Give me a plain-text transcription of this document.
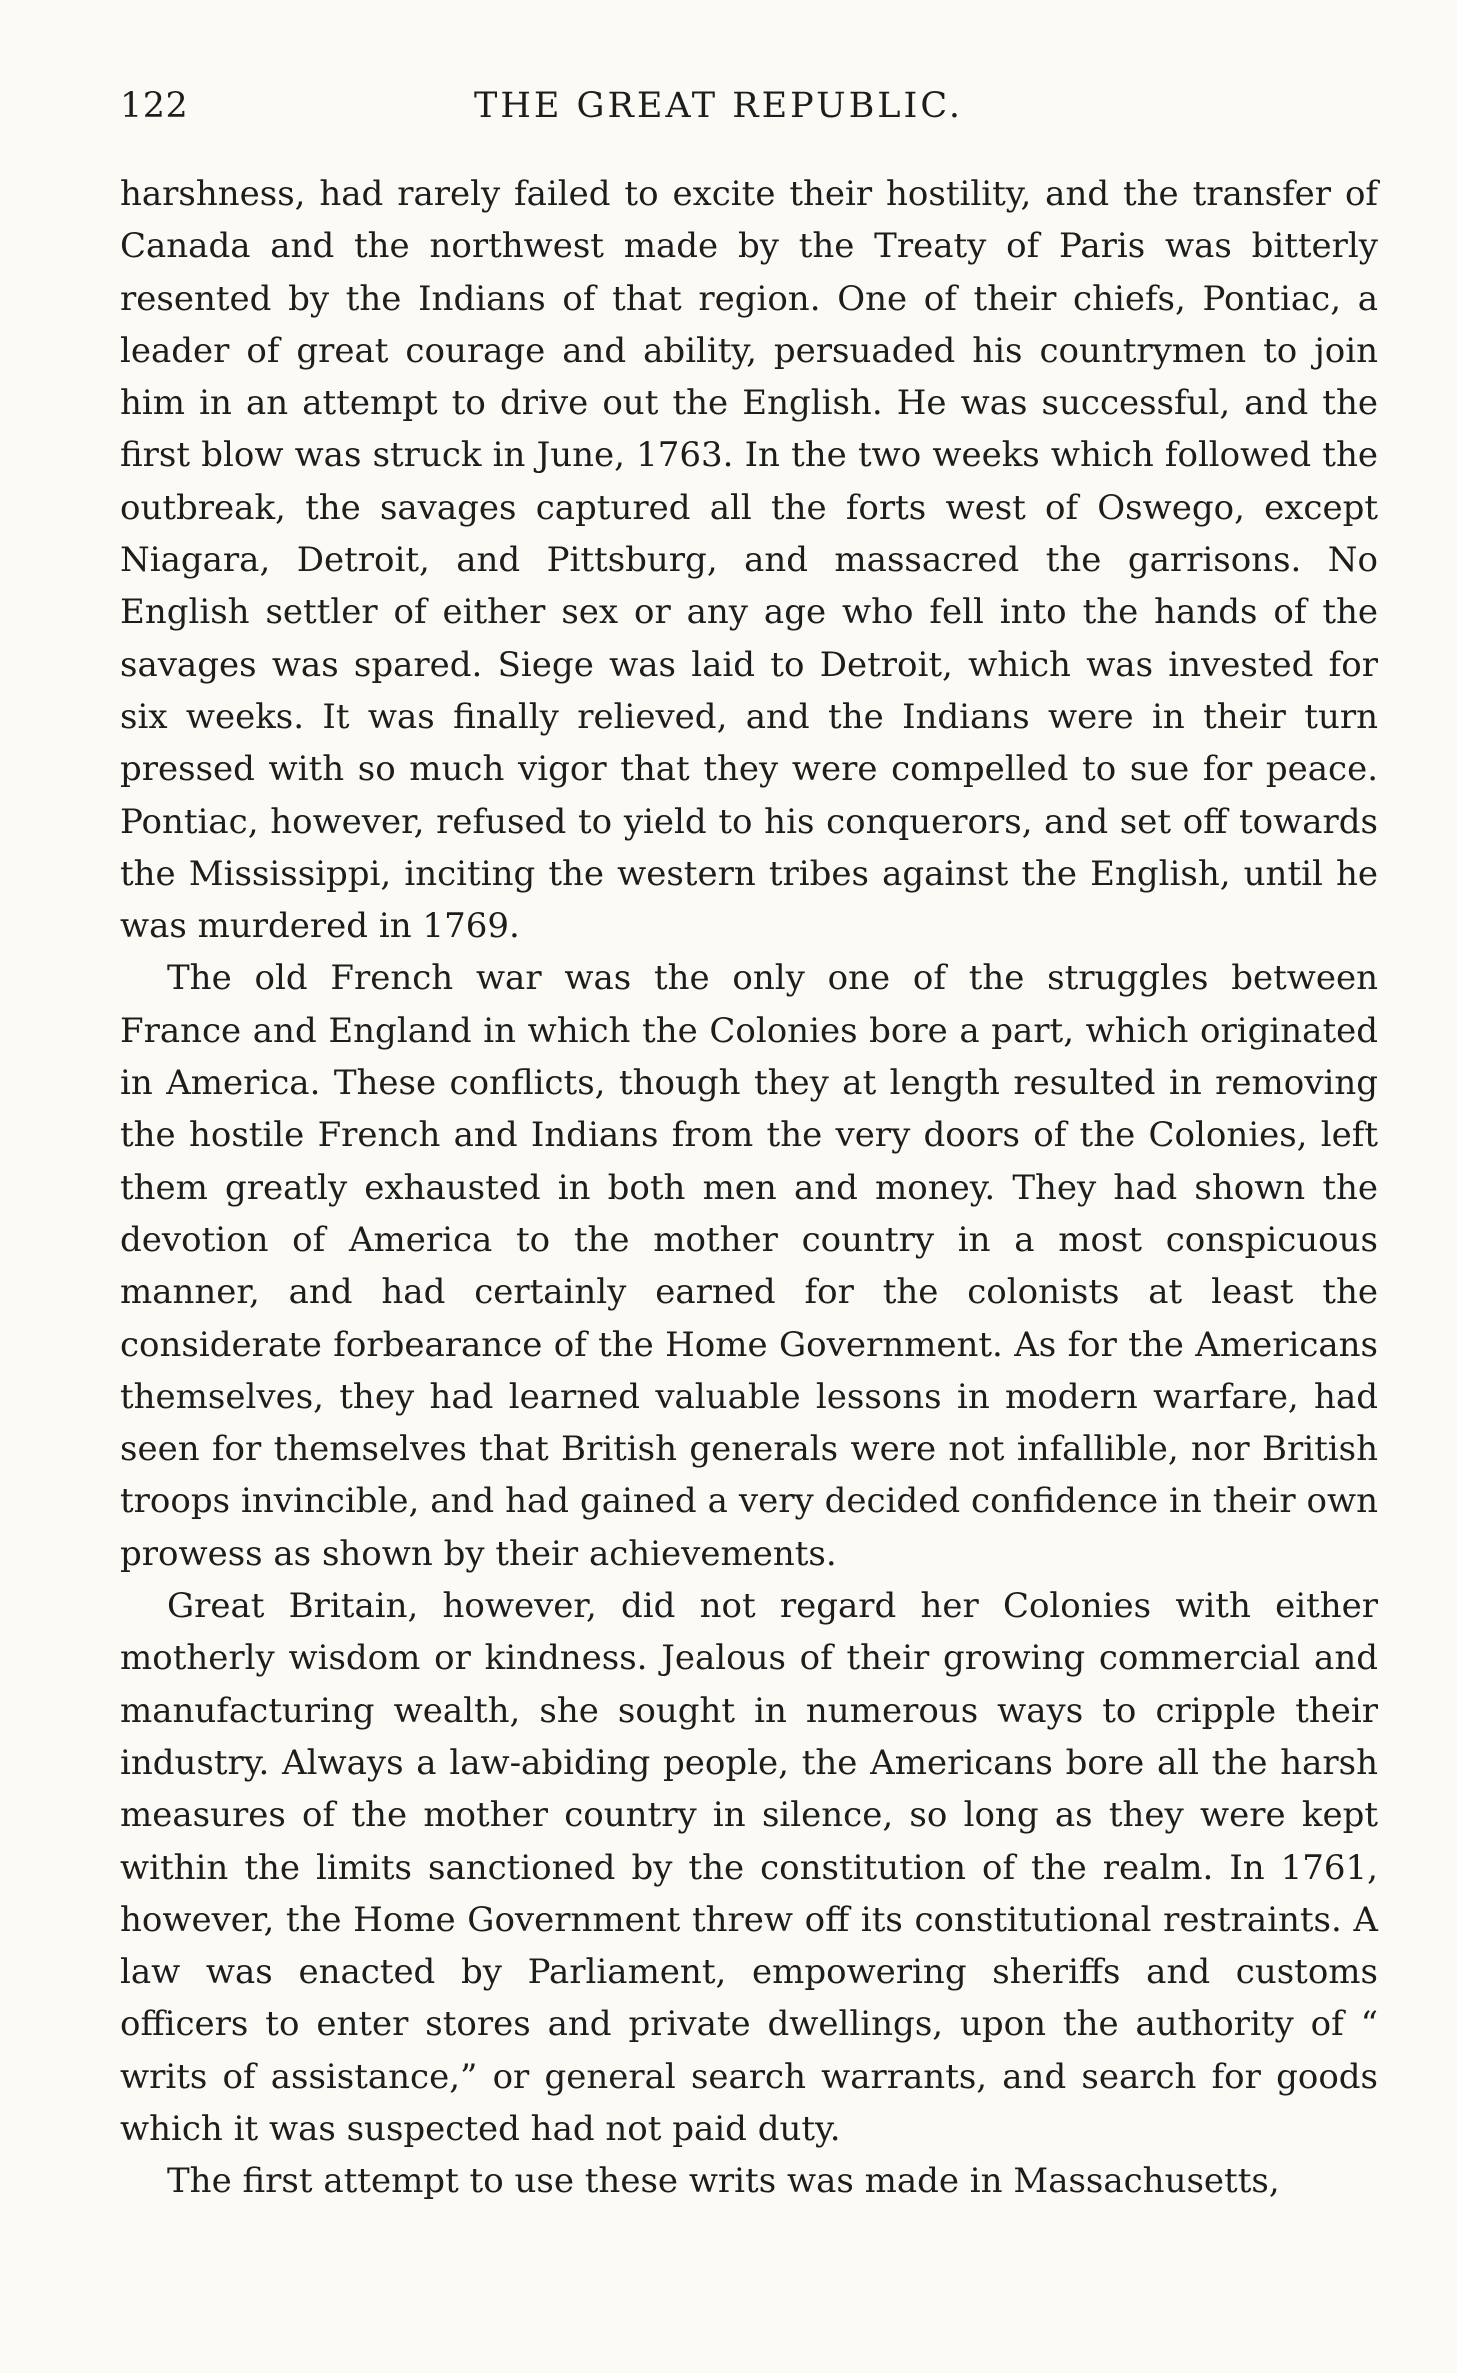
122	THE GREAT REPUBLIC.

harshness, had rarely failed to excite their hostility, and the transfer of Canada and the northwest made by the Treaty of Paris was bitterly resented by the Indians of that region. One of their chiefs, Pontiac, a leader of great courage and ability, persuaded his countrymen to join him in an attempt to drive out the English. He was successful, and the first blow was struck in June, 1763. In the two weeks which followed the outbreak, the savages captured all the forts west of Oswego, except Niagara, Detroit, and Pittsburg, and massacred the garrisons. No English settler of either sex or any age who fell into the hands of the savages was spared. Siege was laid to Detroit, which was invested for six weeks. It was finally relieved, and the Indians were in their turn pressed with so much vigor that they were compelled to sue for peace. Pontiac, however, refused to yield to his conquerors, and set off towards the Mississippi, inciting the western tribes against the English, until he was murdered in 1769.

The old French war was the only one of the struggles between France and England in which the Colonies bore a part, which originated in America. These conflicts, though they at length resulted in removing the hostile French and Indians from the very doors of the Colonies, left them greatly exhausted in both men and money. They had shown the devotion of America to the mother country in a most conspicuous manner, and had certainly earned for the colonists at least the considerate forbearance of the Home Government. As for the Americans themselves, they had learned valuable lessons in modern warfare, had seen for themselves that British generals were not infallible, nor British troops invincible, and had gained a very decided confidence in their own prowess as shown by their achievements.

Great Britain, however, did not regard her Colonies with either motherly wisdom or kindness. Jealous of their growing commercial and manufacturing wealth, she sought in numerous ways to cripple their industry. Always a law-abiding people, the Americans bore all the harsh measures of the mother country in silence, so long as they were kept within the limits sanctioned by the constitution of the realm. In 1761, however, the Home Government threw off its constitutional restraints. A law was enacted by Parliament, empowering sheriffs and customs officers to enter stores and private dwellings, upon the authority of “ writs of assistance,” or general search warrants, and search for goods which it was suspected had not paid duty.

The first attempt to use these writs was made in Massachusetts,
